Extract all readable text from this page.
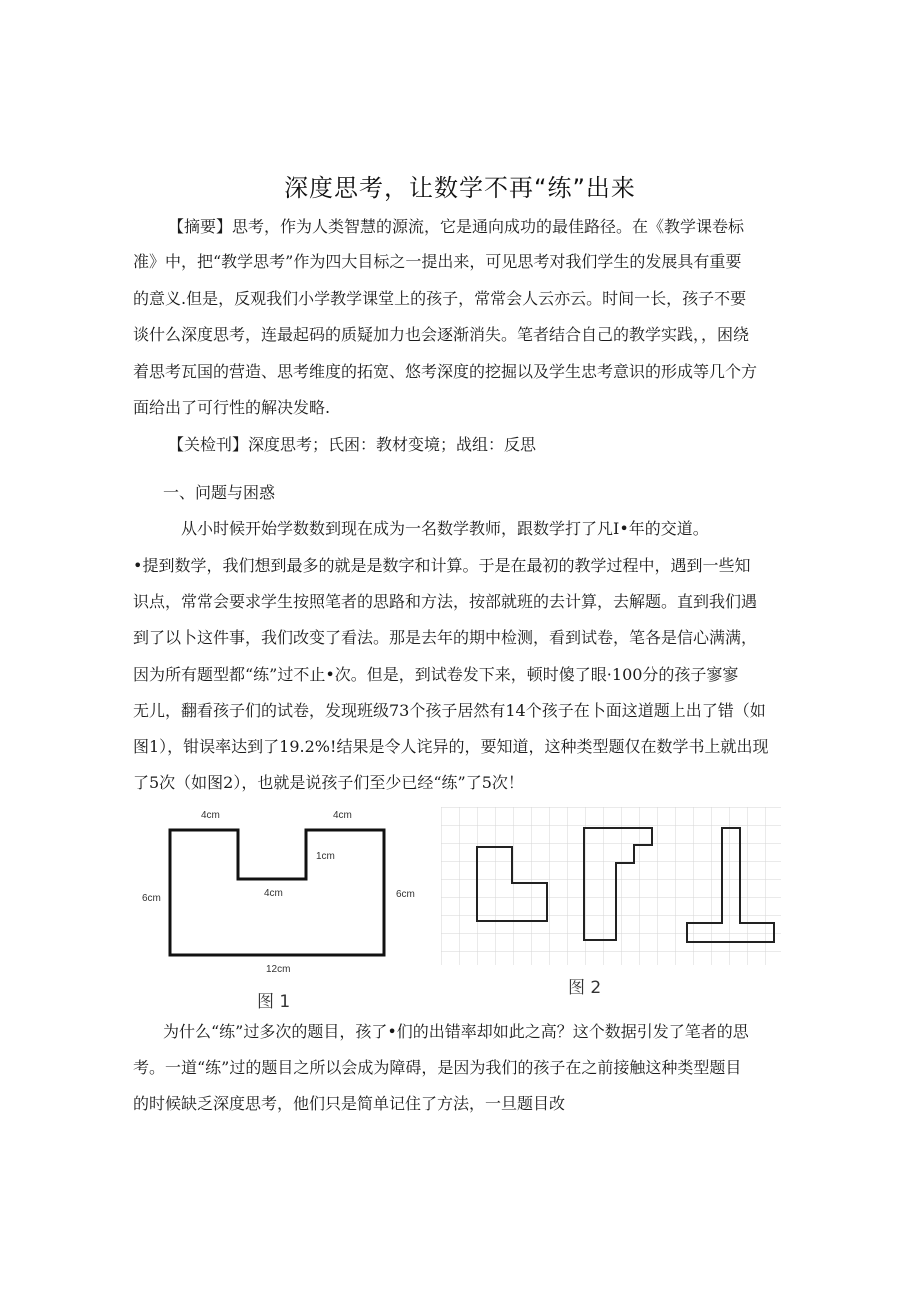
深度思考，让数学不再“练”出来
【摘要】思考，作为人类智慧的源流，它是通向成功的最佳路径。在《教学课卷标
准》中，把“教学思考”作为四大目标之一提出来，可见思考对我们学生的发展具有重要
的意义.但是，反观我们小学教学课堂上的孩子，常常会人云亦云。时间一长，孩子不要
谈什么深度思考，连最起码的质疑加力也会逐渐消失。笔者结合自己的教学实践，，困绕
着思考瓦国的营造、思考维度的拓宽、悠考深度的挖掘以及学生忠考意识的形成等几个方
面给出了可行性的解决发略.
【关检刊】深度思考；氏困：教材变境；战组：反思
一、问题与困惑
从小时候开始学数数到现在成为一名数学教师，跟数学打了凡I•年的交道。
•提到数学，我们想到最多的就是是数字和计算。于是在最初的教学过程中，遇到一些知
识点，常常会要求学生按照笔者的思路和方法，按部就班的去计算，去解题。直到我们遇
到了以卜这件事，我们改变了看法。那是去年的期中检测，看到试卷，笔各是信心满满，
因为所有题型都“练”过不止•次。但是，到试卷发下来，顿时傻了眼·100分的孩子寥寥
无儿，翻看孩子们的试卷，发现班级73个孩子居然有14个孩子在卜面这道题上出了错（如
图1），钳误率达到了19.2%!结果是令人诧异的，要知道，这种类型题仅在数学书上就出现
了5次（如图2），也就是说孩子们至少已经“练”了5次！
4cm	4cm
1cm
4cm
6cm	6cm
12cm
图 1
图 2
为什么“练”过多次的题目，孩了•们的出错率却如此之高？这个数据引发了笔者的思
考。一道“练”过的题目之所以会成为障碍，是因为我们的孩子在之前接触这种类型题目
的时候缺乏深度思考，他们只是简单记住了方法，一旦题目改
